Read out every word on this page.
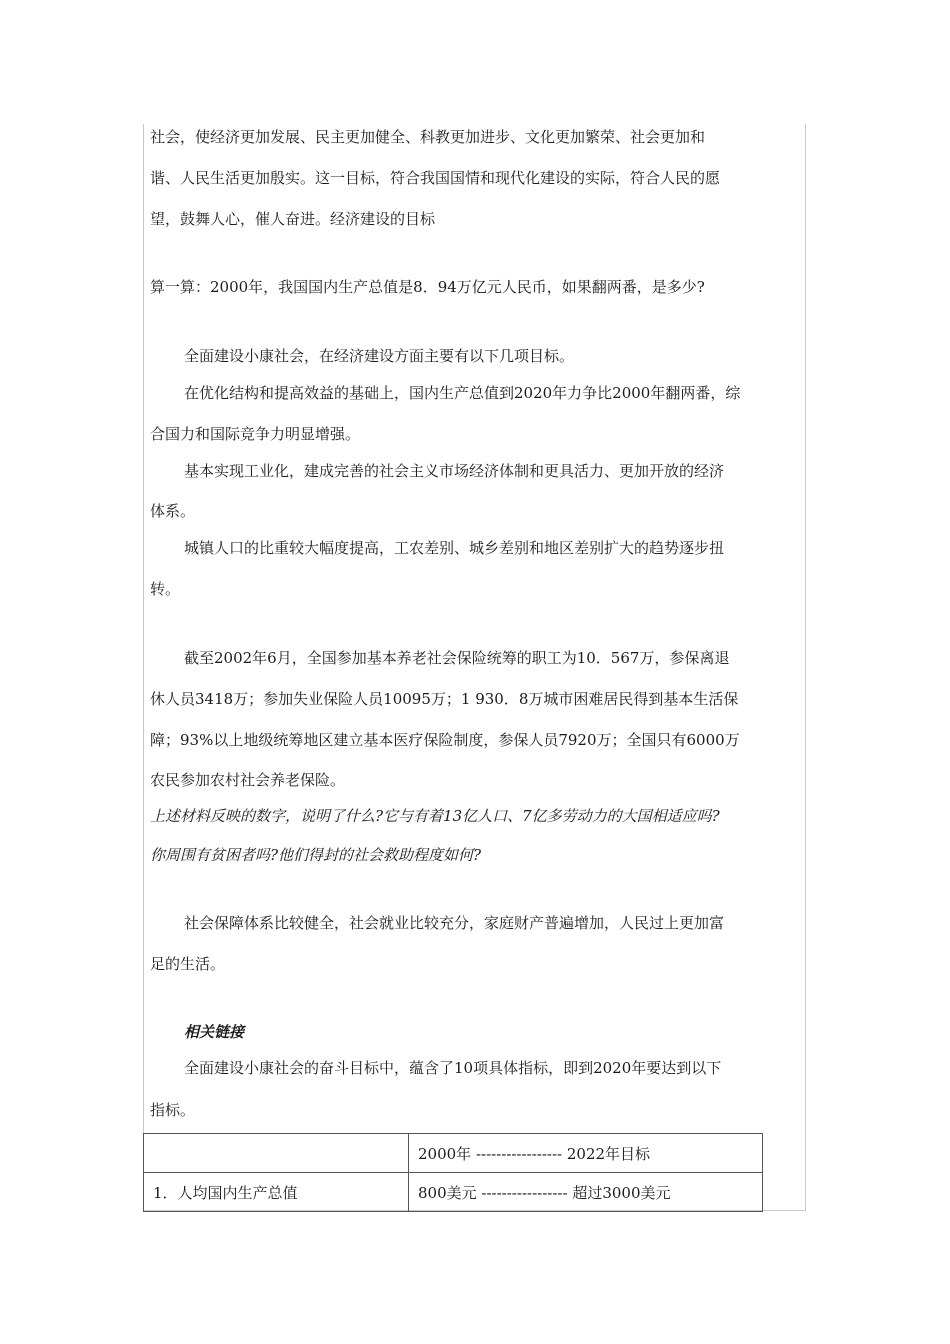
社会，使经济更加发展、民主更加健全、科教更加进步、文化更加繁荣、社会更加和
谐、人民生活更加殷实。这一目标，符合我国国情和现代化建设的实际，符合人民的愿
望，鼓舞人心，催人奋进。经济建设的目标
算一算：2000年，我国国内生产总值是8．94万亿元人民币，如果翻两番，是多少?
全面建设小康社会，在经济建设方面主要有以下几项目标。
在优化结构和提高效益的基础上，国内生产总值到2020年力争比2000年翻两番，综
合国力和国际竞争力明显增强。
基本实现工业化，建成完善的社会主义市场经济体制和更具活力、更加开放的经济
体系。
城镇人口的比重较大幅度提高，工农差别、城乡差别和地区差别扩大的趋势逐步扭
转。
截至2002年6月，全国参加基本养老社会保险统筹的职工为10．567万，参保离退
休人员3418万；参加失业保险人员10095万；1 930．8万城市困难居民得到基本生活保
障；93%以上地级统筹地区建立基本医疗保险制度，参保人员7920万；全国只有6000万
农民参加农村社会养老保险。
上述材料反映的数字，说明了什么?它与有着13亿人口、7亿多劳动力的大国相适应吗?
你周围有贫困者吗?他们得封的社会救助程度如何?
社会保障体系比较健全，社会就业比较充分，家庭财产普遍增加，人民过上更加富
足的生活。
相关链接
全面建设小康社会的奋斗目标中，蕴含了10项具体指标，即到2020年要达到以下
指标。
	2000年 ----------------- 2022年目标
1．人均国内生产总值	800美元 ----------------- 超过3000美元
